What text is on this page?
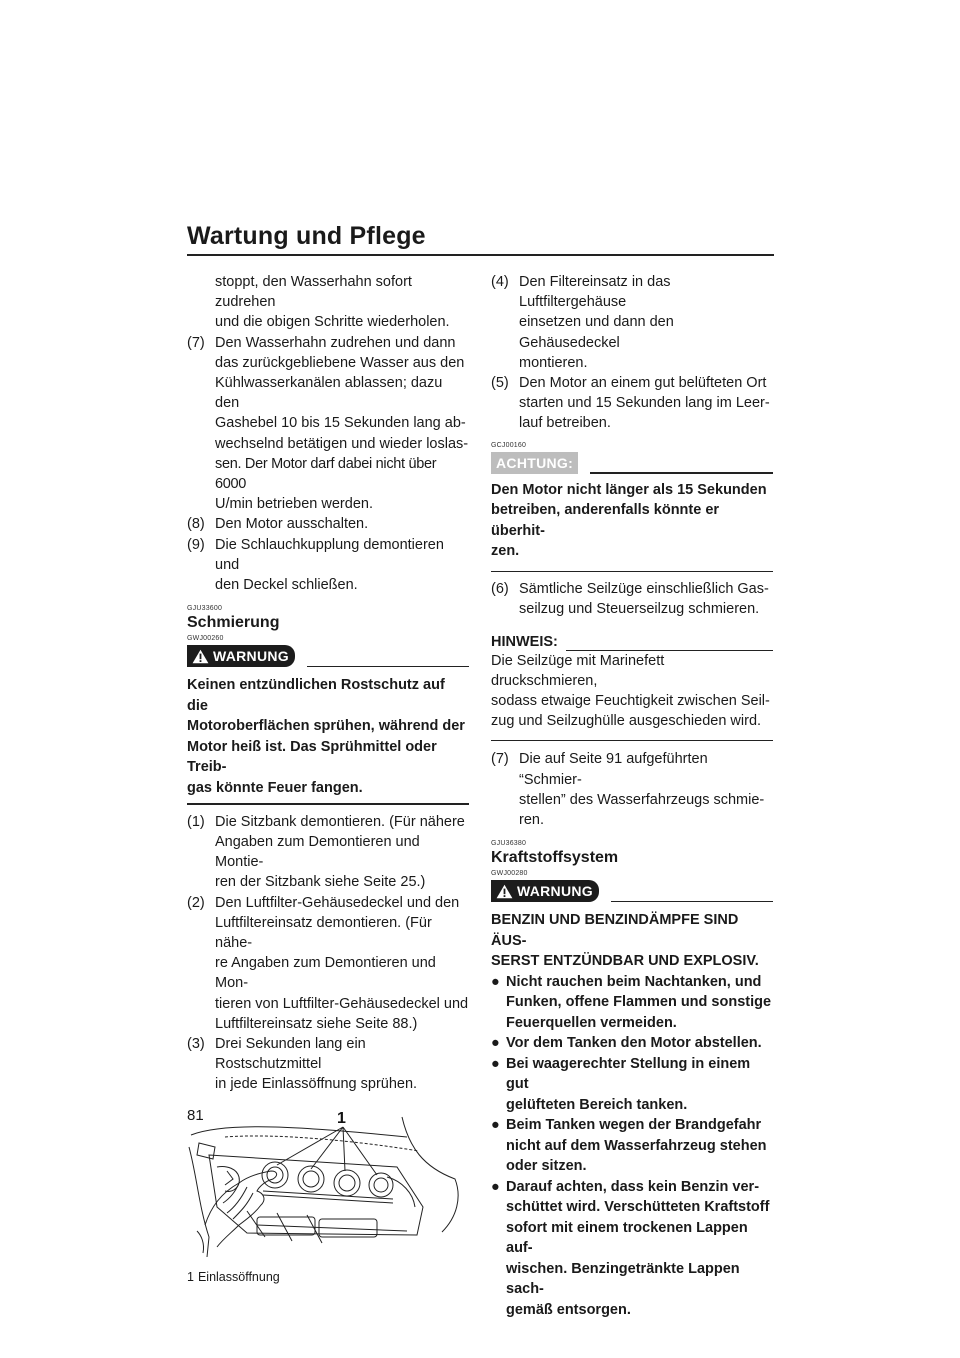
Wartung und Pflege

stoppt, den Wasserhahn sofort zudrehen

und die obigen Schritte wiederholen.

(7) Den Wasserhahn zudrehen und dann
das zurückgebliebene Wasser aus den
Kühlwasserkanälen ablassen; dazu den
Gashebel 10 bis 15 Sekunden lang ab-
wechselnd betätigen und wieder loslas-
sen. Der Motor darf dabei nicht über 6000
U/min betrieben werden.
(8) Den Motor ausschalten.
(9) Die Schlauchkupplung demontieren und
den Deckel schließen.
GJU33600
Schmierung
GWJ00260
WARNUNG
Keinen entzündlichen Rostschutz auf die
Motoroberflächen sprühen, während der
Motor heiß ist. Das Sprühmittel oder Treib-
gas könnte Feuer fangen.
(1) Die Sitzbank demontieren. (Für nähere
Angaben zum Demontieren und Montie-
ren der Sitzbank siehe Seite 25.)
(2) Den Luftfilter-Gehäusedeckel und den
Luftfiltereinsatz demontieren. (Für nähe-
re Angaben zum Demontieren und Mon-
tieren von Luftfilter-Gehäusedeckel und
Luftfiltereinsatz siehe Seite 88.)
(3) Drei Sekunden lang ein Rostschutzmittel
in jede Einlassöffnung sprühen.
1
1 Einlassöffnung
(4) Den Filtereinsatz in das Luftfiltergehäuse
einsetzen und dann den Gehäusedeckel
montieren.
(5) Den Motor an einem gut belüfteten Ort
starten und 15 Sekunden lang im Leer-
lauf betreiben.
GCJ00160
ACHTUNG:
Den Motor nicht länger als 15 Sekunden
betreiben, anderenfalls könnte er überhit-
zen.
(6) Sämtliche Seilzüge einschließlich Gas-
seilzug und Steuerseilzug schmieren.
HINWEIS:
Die Seilzüge mit Marinefett druckschmieren,
sodass etwaige Feuchtigkeit zwischen Seil-
zug und Seilzughülle ausgeschieden wird.
(7) Die auf Seite 91 aufgeführten “Schmier-
stellen” des Wasserfahrzeugs schmie-
ren.
GJU36380
Kraftstoffsystem
GWJ00280
WARNUNG
BENZIN UND BENZINDÄMPFE SIND ÄUS-
SERST ENTZÜNDBAR UND EXPLOSIV.
● Nicht rauchen beim Nachtanken, und
Funken, offene Flammen und sonstige
Feuerquellen vermeiden.
● Vor dem Tanken den Motor abstellen.
● Bei waagerechter Stellung in einem gut
gelüfteten Bereich tanken.
● Beim Tanken wegen der Brandgefahr
nicht auf dem Wasserfahrzeug stehen
oder sitzen.
● Darauf achten, dass kein Benzin ver-
schüttet wird. Verschütteten Kraftstoff
sofort mit einem trockenen Lappen auf-
wischen. Benzingetränkte Lappen sach-
gemäß entsorgen.
81
